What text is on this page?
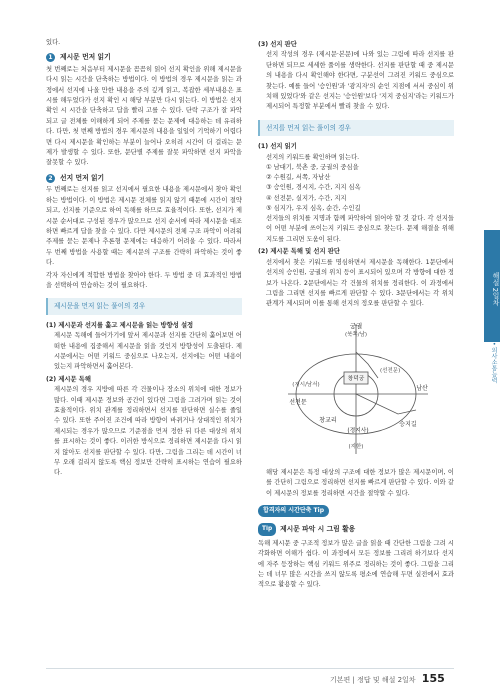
있다.

1	제시문 먼저 읽기

첫 번째로는 처음부터 제시문을 꼼꼼히 읽어 선지 확인을 위해 제시문을 다시 읽는 시간을 단축하는 방법이다. 이 방법의 경우 제시문을 읽는 과정에서 선지에 나올 만한 내용을 주의 깊게 읽고, 복잡한 세부내용은 표시를 해두었다가 선지 확인 시 해당 부분만 다시 읽는다. 이 방법은 선지 확인 시 시간을 단축하고 답을 빨리 고를 수 있다. 단락 구조가 잘 파악되고 글 전체를 이해하게 되어 주제를 묻는 문제에 대응하는 데 유리하다. 다만, 첫 번째 방법의 경우 제시문의 내용을 일일이 기억하기 어렵다면 다시 제시문을 확인하는 부분이 늘어나 오히려 시간이 더 걸리는 문제가 발생할 수 있다. 또한, 문단별 주제를 잘못 파악하면 선지 파악을 잘못할 수 있다.

2	선지 먼저 읽기

두 번째로는 선지를 읽고 선지에서 필요한 내용을 제시문에서 찾아 확인하는 방법이다. 이 방법은 제시문 전체를 읽지 않기 때문에 시간이 절약되고, 선지를 기준으로 하여 독해를 하므로 효율적이다. 또한, 선지가 제시문 순서대로 구성된 경우가 많으므로 선지 순서에 따라 제시문을 대조하면 빠르게 답을 찾을 수 있다. 다만 제시문의 전체 구조 파악이 어려워 주제를 묻는 문제나 추론형 문제에는 대응하기 어려울 수 있다. 따라서 두 번째 방법을 사용할 때는 제시문의 구조를 간략히 파악하는 것이 좋다.

각자 자신에게 적합한 방법을 찾아야 한다. 두 방법 중 더 효과적인 방법을 선택하여 연습하는 것이 필요하다.

제시문을 먼저 읽는 풀이의 경우
(1) 제시문과 선지를 훑고 제시문을 읽는 방향성 설정

제시문 독해에 들어가기에 앞서 제시문과 선지를 간단히 훑어보면 어떠한 내용에 집중해서 제시문을 읽을 것인지 방향성이 도출된다. 제시문에서는 어떤 키워드 중심으로 나오는지, 선지에는 어떤 내용이 있는지 파악하면서 훑어본다.

(2) 제시문 독해

제시문의 경우 지방에 따른 각 건물이나 장소의 위치에 대한 정보가 많다. 이때 제시문 정보와 공간이 있다면 그림을 그려가며 읽는 것이 효율적이다. 위치 관계를 정리하면서 선지를 판단하면 실수를 줄일 수 있다. 또한 주어진 조건에 따라 방향이 바뀌거나 상대적인 위치가 제시되는 경우가 많으므로 기준점을 먼저 정한 뒤 다른 대상의 위치를 표시하는 것이 좋다. 이러한 방식으로 정리하면 제시문을 다시 읽지 않아도 선지를 판단할 수 있다. 다만, 그림을 그리는 데 시간이 너무 오래 걸리지 않도록 핵심 정보만 간략히 표시하는 연습이 필요하다.

(3) 선지 판단

선지 작성의 경우 (제시문·본문)에 나와 있는 그림에 따라 선지를 판단하면 되므로 세세한 풀이를 생략한다. 선지를 판단할 때 중 제시문의 내용을 다시 확인해야 한다면, 구분선이 그려진 키워드 중심으로 찾는다. 예를 들어 '승인원'과 '광지자'의 순인 지점에 서서 중심이 위치해 있었다'와 같은 선지는 '승인원'보다 '지지 중심지'라는 키워드가 제시되어 특정할 부분에서 빨리 찾을 수 있다.

선지를 먼저 읽는 풀이의 경우
(1) 선지 읽기

선지의 키워드를 확인하며 읽는다.

① 남대기, 북촌 중, 궁궐의 중심을
② 수원길, 서쪽, 자남산
③ 승인원, 경시지, 수간, 지지 심옥
④ 선전문, 실지가, 수간, 지지
⑤ 심지가, 우지 심옥, 순간, 수인길

선지들의 위치를 지명과 함께 파악하여 읽어야 할 것 같다. 각 선지들이 어떤 부분에 쓰이는지 키워드 중심으로 찾는다. 문제 해결을 위해 지도를 그리면 도움이 된다.

(2) 제시문 독해 및 선지 판단

선지에서 찾은 키워드를 명심하면서 제시문을 독해한다. 1문단에서 선지의 승인원, 궁궐의 위치 등이 표시되어 있으며 각 방향에 대한 정보가 나온다. 2문단에서는 각 건물의 위치를 정리한다. 이 과정에서 그림을 그리면 선지를 빠르게 판단할 수 있다. 3문단에서는 각 위치 관계가 제시되며 이를 통해 선지의 정오를 판단할 수 있다.

궁궐
(북쪽/남)
창덕궁
(선전문)
(지시/남서)
선전문
남산
창교리
(경지사)
승지길
(지한)

해당 제시문은 특정 대상의 구조에 대한 정보가 많은 제시문이며, 이를 간단히 그림으로 정리하면 선지를 빠르게 판단할 수 있다. 이와 같이 제시문의 정보를 정리하면 시간을 절약할 수 있다.

합격자의 시간단축 Tip
Tip	제시문 파악 시 그림 활용

독해 제시문 중 구조적 정보가 많은 글을 읽을 때 간단한 그림을 그려 시각화하면 이해가 쉽다. 이 과정에서 모든 정보를 그리려 하기보다 선지에 자주 등장하는 핵심 키워드 위주로 정리하는 것이 좋다. 그림을 그리는 데 너무 많은 시간을 쓰지 않도록 평소에 연습해 두면 실전에서 효과적으로 활용할 수 있다.

해설 2일차
• 의사소통능력
기본편 | 정답 및 해설 2일차 155
